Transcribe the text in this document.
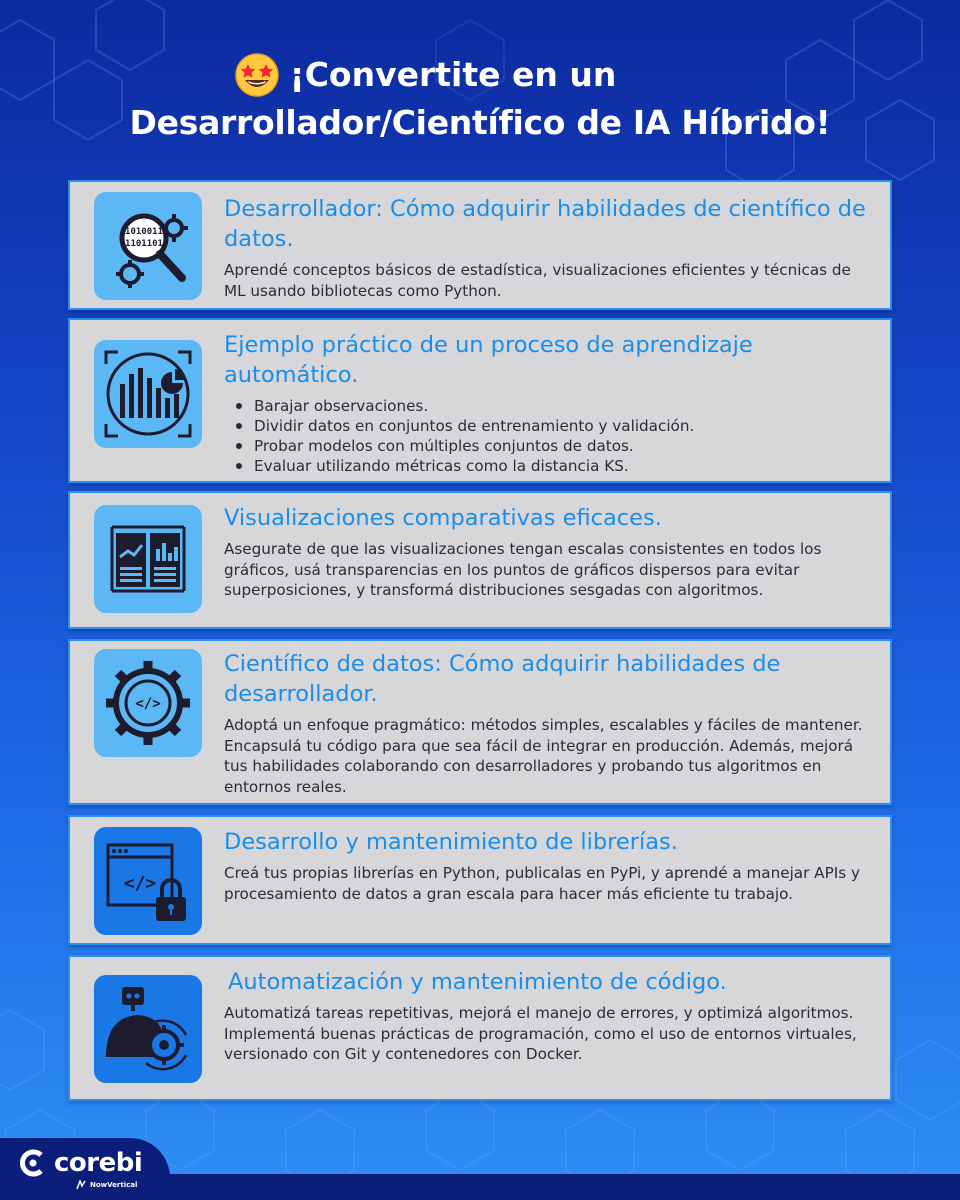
¡Convertite en un
Desarrollador/Científico de IA Híbrido!
1010011
1101101
Desarrollador: Cómo adquirir habilidades de científico de datos.
Aprendé conceptos básicos de estadística, visualizaciones eficientes y técnicas de ML usando bibliotecas como Python.
Ejemplo práctico de un proceso de aprendizaje automático.
Barajar observaciones.
Dividir datos en conjuntos de entrenamiento y validación.
Probar modelos con múltiples conjuntos de datos.
Evaluar utilizando métricas como la distancia KS.
Visualizaciones comparativas eficaces.
Asegurate de que las visualizaciones tengan escalas consistentes en todos los gráficos, usá transparencias en los puntos de gráficos dispersos para evitar superposiciones, y transformá distribuciones sesgadas con algoritmos.
</>
Científico de datos: Cómo adquirir habilidades de desarrollador.
Adoptá un enfoque pragmático: métodos simples, escalables y fáciles de mantener. Encapsulá tu código para que sea fácil de integrar en producción. Además, mejorá tus habilidades colaborando con desarrolladores y probando tus algoritmos en entornos reales.
</>
Desarrollo y mantenimiento de librerías.
Creá tus propias librerías en Python, publicalas en PyPi, y aprendé a manejar APIs y procesamiento de datos a gran escala para hacer más eficiente tu trabajo.
Automatización y mantenimiento de código.
Automatizá tareas repetitivas, mejorá el manejo de errores, y optimizá algoritmos. Implementá buenas prácticas de programación, como el uso de entornos virtuales, versionado con Git y contenedores con Docker.
corebi
NowVertical
